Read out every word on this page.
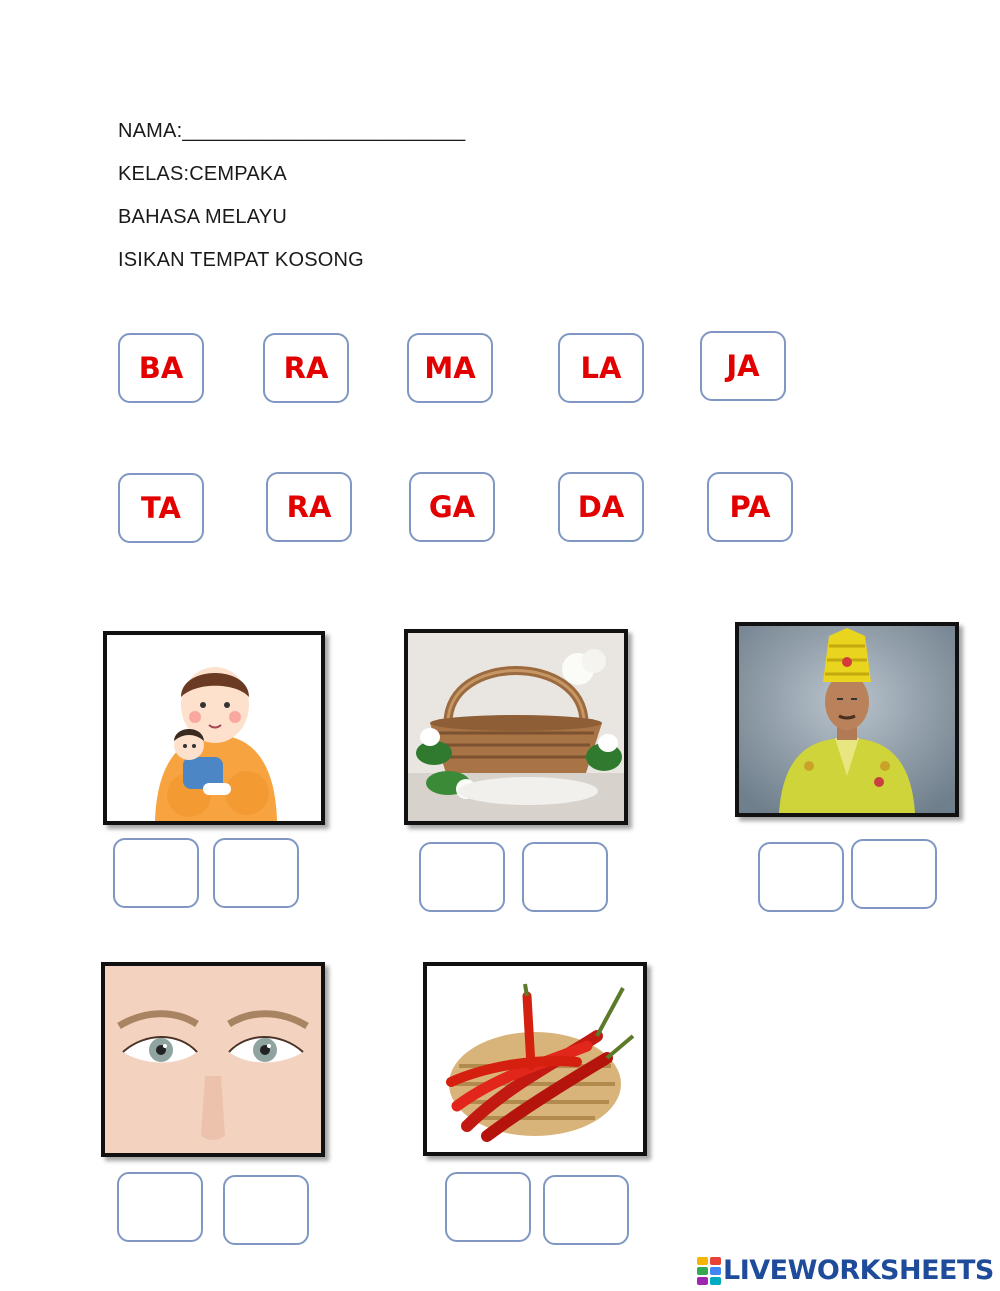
NAMA:_________________________
KELAS:CEMPAKA
BAHASA MELAYU
ISIKAN TEMPAT KOSONG
BA	RA	MA	LA	JA
TA	RA	GA	DA	PA
LIVEWORKSHEETS
